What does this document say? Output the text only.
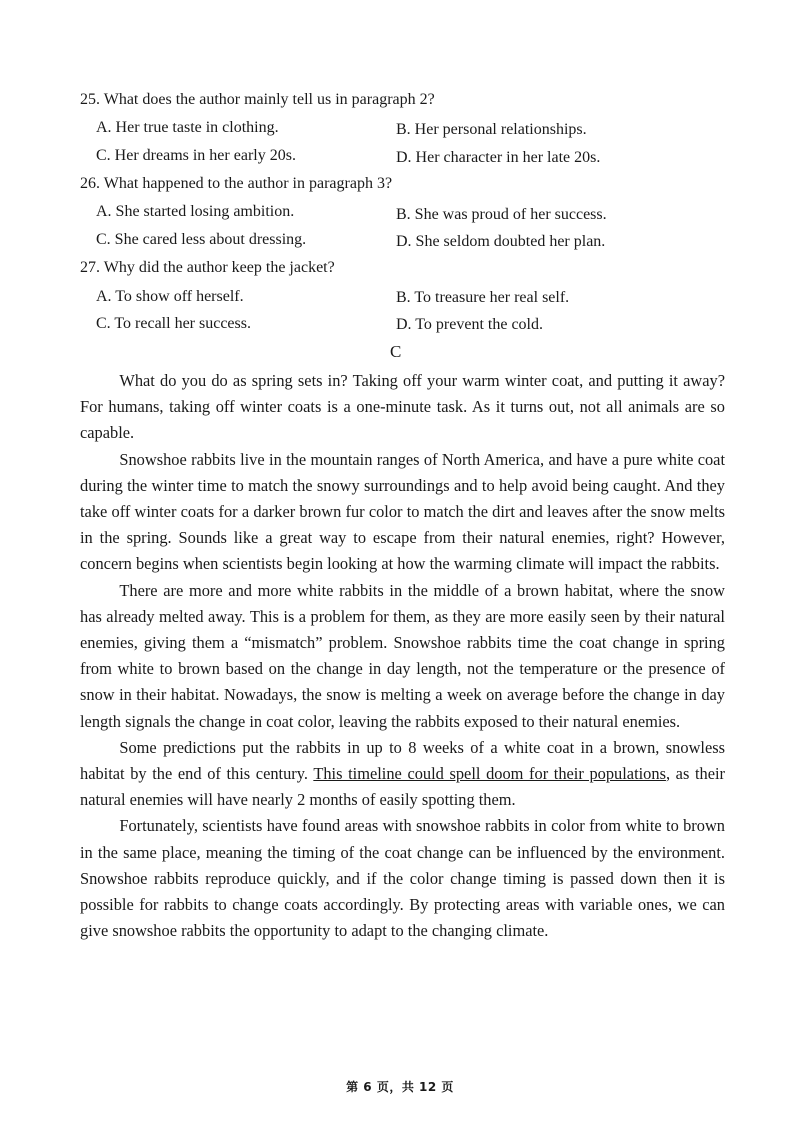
25. What does the author mainly tell us in paragraph 2?
A. Her true taste in clothing.	B. Her personal relationships.
C. Her dreams in her early 20s.	D. Her character in her late 20s.
26. What happened to the author in paragraph 3?
A. She started losing ambition.	B. She was proud of her success.
C. She cared less about dressing.	D. She seldom doubted her plan.
27. Why did the author keep the jacket?
A. To show off herself.	B. To treasure her real self.
C. To recall her success.	D. To prevent the cold.
C

What do you do as spring sets in? Taking off your warm winter coat, and putting it away? For humans, taking off winter coats is a one-minute task. As it turns out, not all animals are so capable.

Snowshoe rabbits live in the mountain ranges of North America, and have a pure white coat during the winter time to match the snowy surroundings and to help avoid being caught. And they take off winter coats for a darker brown fur color to match the dirt and leaves after the snow melts in the spring. Sounds like a great way to escape from their natural enemies, right? However, concern begins when scientists begin looking at how the warming climate will impact the rabbits.

There are more and more white rabbits in the middle of a brown habitat, where the snow has already melted away. This is a problem for them, as they are more easily seen by their natural enemies, giving them a “mismatch” problem. Snowshoe rabbits time the coat change in spring from white to brown based on the change in day length, not the temperature or the presence of snow in their habitat. Nowadays, the snow is melting a week on average before the change in day length signals the change in coat color, leaving the rabbits exposed to their natural enemies.

Some predictions put the rabbits in up to 8 weeks of a white coat in a brown, snowless habitat by the end of this century. This timeline could spell doom for their populations, as their natural enemies will have nearly 2 months of easily spotting them.

Fortunately, scientists have found areas with snowshoe rabbits in color from white to brown in the same place, meaning the timing of the coat change can be influenced by the environment. Snowshoe rabbits reproduce quickly, and if the color change timing is passed down then it is possible for rabbits to change coats accordingly. By protecting areas with variable ones, we can give snowshoe rabbits the opportunity to adapt to the changing climate.

第 6 页，共 12 页
